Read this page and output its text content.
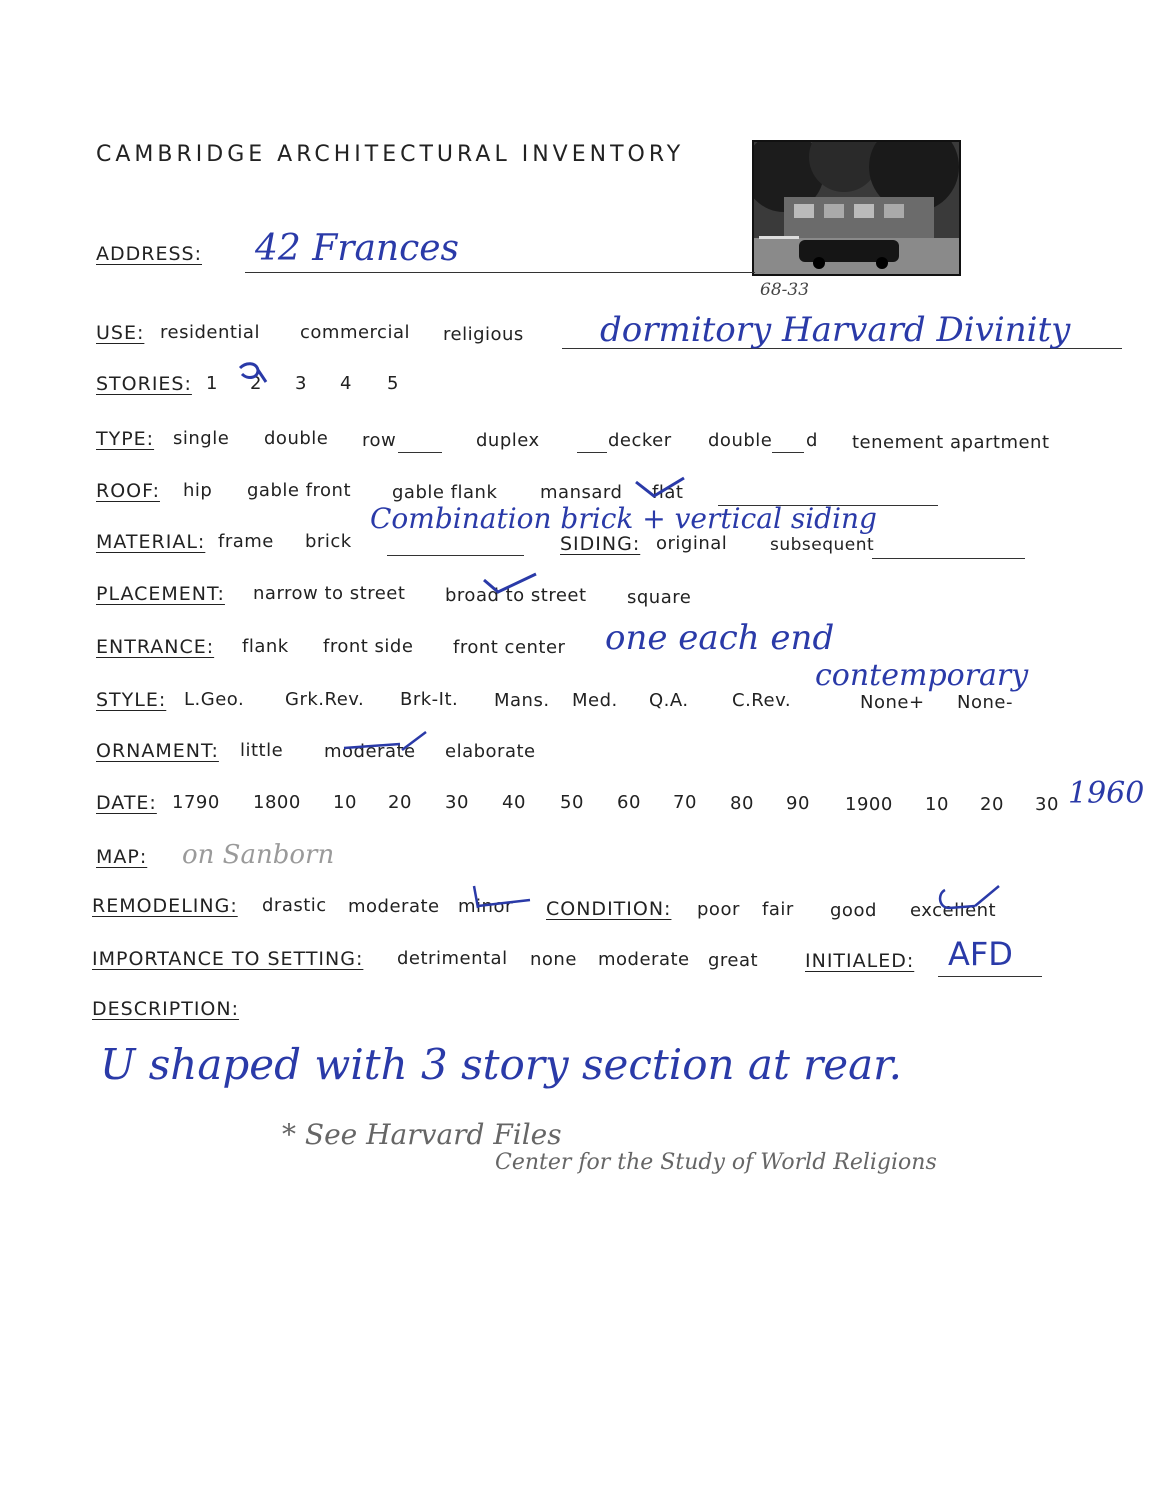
CAMBRIDGE ARCHITECTURAL INVENTORY
68-33
ADDRESS: 42 Frances
USE: residential commercial religious dormitory Harvard Divinity
STORIES: 1 2 3 4 5
TYPE: single double row	duplex	decker double d tenement apartment
ROOF: hip gable front gable flank mansard flat
MATERIAL: frame brick
Combination brick + vertical siding
SIDING: original	subsequent
PLACEMENT: narrow to street broad to street square
ENTRANCE: flank front side front center one each end
STYLE: L.Geo. Grk.Rev. Brk-It. Mans. Med. Q.A. C.Rev.	None+ None-
contemporary
ORNAMENT: little moderate elaborate
DATE: 1790 1800 10 20 30 40 50 60 70 80 90 1900 10 20 30 1960
MAP: on Sanborn
REMODELING: drastic moderate minor CONDITION: poor fair good excellent
IMPORTANCE TO SETTING: detrimental none moderate great INITIALED: AFD
DESCRIPTION:
U shaped with 3 story section at rear.
* See Harvard Files
Center for the Study of World Religions
